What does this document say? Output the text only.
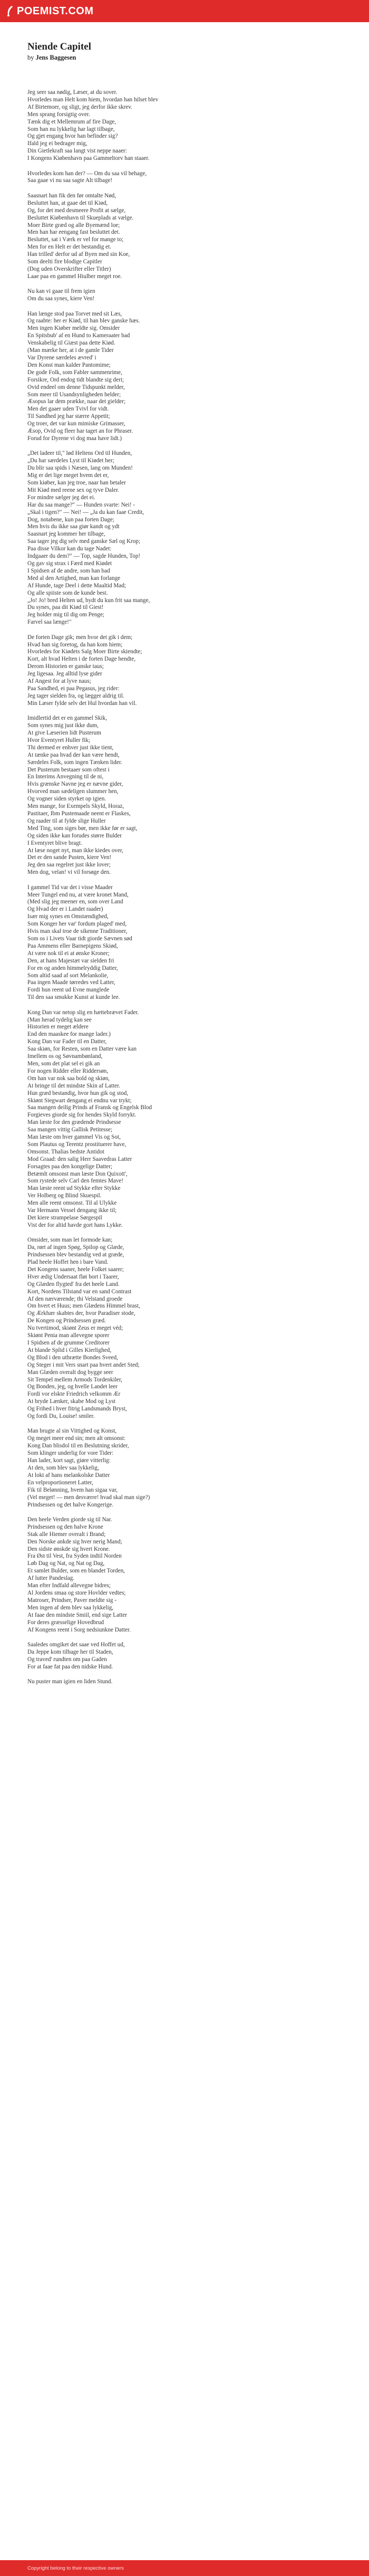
POEMIST.COM
Niende Capitel
by Jens Baggesen
Jeg seer saa nødig, Læser, at du sover.
Hvorledes man Helt kom hiem, hvordan han hilset blev
Af Birtemoer, og sligt, jeg derfor ikke skrev.
Men sprang forsigtig over.
Tænk dig et Mellemrum af fire Dage,
Som han nu lykkelig har lagt tilbage,
Og gjet engang hvor han befinder sig?
Ifald jeg ei bedrager mig,
Din Gietlekraft saa langt vist neppe naaer:
I Kongens Kiøbenhavn paa Gammeltorv han staaer.
Hvorledes kom han der? — Om du saa vil behage,
Saa gaae vi nu saa sagte Alt tilbage!
Saasnart han fik den før omtalte Nød,
Besluttet han, at gaae det til Kiød,
Og, for det med desmeere Profit at sælge,
Besluttet Kiøbenhavn til Skueplads at vælge.
Moer Birte græd og alle Byemænd loe;
Men han har eengang fast besluttet det.
Besluttet, sat i Værk er vel for mange to;
Men for en Helt er det bestandig et.
Han trilled' derfor ud af Byen med sin Koe,
Som deelti fire blodige Capitler
(Dog uden Overskrifter eller Titler)
Laae paa en gammel Hiulber meget roe.
Nu kan vi gaae til frem igien
Om du saa synes, kiere Ven!
Han længe stod paa Torvet med sit Læs,
Og raabte: her er Kiød, til han blev ganske hæs.
Men ingen Kiøber meldte sig. Omsider
En Spitsbub' af en Hund to Kameraater bad
Venskabelig til Giæst paa dette Kiød.
(Man mærke her, at i de gamle Tider
Var Dyrene særdeles ævred' i
Den Konst man kalder Pantomime;
De gode Folk, som Fabler sammenrime,
Forsikre, Ord endog tidt blandte sig deri;
Ovid endeel om denne Tidspunkt melder,
Som meer til Usandsynligheden helder;
Æsopus lar dem prække, naar det gielder;
Men det gaaer uden Tvivl for vidt.
Til Sandhed jeg har stærre Appetit;
Og troer, det var kun mimiske Grimasser,
Æsop, Ovid og fleer har taget an for Phraser.
Forud for Dyrene vi dog maa have lidt.)
„Det ladeer til," lød Heltens Ord til Hunden,
„Du har særdeles Lyst til Kiødet her;
Du blir saa spids i Næsen, lang om Munden!
Mig er det lige meget hvem det er,
Som kiøber, kan jeg troe, naar han betaler
Mit Kiød med reene sex og tyve Daler.
For mindre sælger jeg det ei.
Har du saa mange?" — Hunden svarte: Nei! -
„Skal i tigen?" — Nei! — „Ja du kan faae Credit,
Dog, notabene, kun paa forten Dage;
Men hvis du ikke saa giør kandt og ydt
Saasnart jeg kommer her tilbage,
Saa tager jeg dig selv med ganske Sæl og Krop;
Paa disse Vilkor kan du tage Nadet:
Indgaaer du dem?" — Top, sagde Hunden, Top!
Og gav sig strax i Færd med Kiødet
I Spidsen af de andre, som han bad
Med al den Artighed, man kan forlange
Af Hunde, tage Deel i dette Maaltid Mad;
Og alle spiiste som de kunde best.
„Jo! Jo! bred Helten ud, bydt du kun frit saa mange,
Du synes, paa dit Kiød til Giest!
Jeg holder mig til dig om Penge;
Farvel saa længe!"
De forten Dage gik; men hvor det gik i dem;
Hvad han sig foretog, da han kom hiem;
Hvorledes for Kiødets Salg Moer Birte skiendte;
Kort, alt hvad Helten i de forten Dage hendte,
Derom Historien er ganske taus;
Jeg ligesaa. Jeg alltid lyse gider
Af Angest for at lyve naus;
Paa Sandhed, ei paa Pegasus, jeg rider:
Jeg tager sielden fra, og lægger aldrig til.
Min Læser fylde selv det Hul hvordan han vil.
Imidlertid det er en gammel Skik,
Som synes mig just ikke dum,
At give Læserien lidt Pusterum
Hvor Eventyret Huller fik;
Thi dermed er enhver just ikke tient,
At tænke paa hvad der kan være hendt,
Særdeles Folk, som ingen Tænken lider.
Det Pusterum bestaaer som oftest i
En Interims Anvegning til de ni,
Hvis grænske Navne jeg er nævne gider,
Hvorved man sædeligen slummer hen,
Og vogner siden styrket op igien.
Men mange, for Exempels Skyld, Horaz,
Pastitaer, Ibm Pustemaade neent er Flaskes,
Og raader til at fylde slige Huller
Med Ting, som siges bør, men ikke før er sagt,
Og siden ikke kan forudes større Bulder
I Eventyret blive bragt.
At læse noget nyt, man ikke kiedes over,
Det er den sande Pusten, kiere Ven!
Jeg den saa regelret just ikke lover;
Men dog, velan! vi vil forsøge den.
I gammel Tid var det i visse Maader
Meer Tungel end nu, at være kronet Mand,
(Med slig jeg meener en, som over Land
Og Hvad der er i Landet raader)
Især mig synes en Omstændighed,
Som Konger her var' fordum plaged' med,
Hvis man skal troe de sikenne Traditioner,
Som os i Livets Vaar tidt giorde Sævnen sød
Paa Ammens eller Barnepigens Skiød,
At være nok til ei at ønske Kroner;
Den, at hans Majestæt var sielden fri
For en og anden himmelryddig Datter,
Som altid saad af sort Melankolie,
Paa ingen Maade tørredes ved Latter,
Fordi hun reent ud Evne manglede
Til den saa smukke Kunst at kunde lee.
Kong Dan var netop slig en hættebrævet Fader.
(Man herad tydelig kan see
Historien er meget ældere
End den maaskee for mange lader.)
Kong Dan var Fader til en Datter,
Saa skiøn, for Resten, som en Datter være kan
Imellem os og Søvnambønland,
Men, som det plat sel ei gik an
For nogen Ridder eller Riddersøn,
Om han var nok saa bold og skiøn,
At bringe til det mindste Skin af Latter.
Hun græd bestandig, hvor hun gik og stod,
Skiønt Siegwart dengang ei endnu var trykt;
Saa mangen deilig Prinds af Fransk og Engelsk Blod
Forgieves giorde sig for hendes Skyld forrykt.
Man læste for den grædende Prindsesse
Saa mangen vittig Gallisk Petitesse;
Man læste om hver gammel Vis og Sot,
Som Plautus og Terentz prostituerer have,
Omsonst. Thalias bedste Antidot
Mod Graad: den salig Herr Saavedras Latter
Forsagtes paa den kongelige Datter;
Betæmlt omsonst man læste Don Quixott',
Som rystede selv Carl den femtes Mave!
Man læste reent ud Stykke efter Stykke
Ver Holberg og Blind Skuespil.
Men alle reent omsonst. Til al Ulykke
Var Hermann Vessel dengang ikke til;
Det kiere strampelase Sørgespil
Vist der for altid havde gort hans Lykke.
Omsider, som man let formode kan;
Da, rørt af ingen Spøg, Spilop og Glæde,
Prindsessen blev bestandig ved at græde,
Plad heele Hoffet hen i bare Vand.
Det Kongens saaner, heele Folket saarer;
Hver ædig Undersaat fløi bort i Taarer,
Og Glæden flygted' fra det heele Land.
Kort, Nordens Tilstand var en sand Contrast
Af den nærværende; thi Velstand groede
Om hvert et Huus; men Glædens Himmel brast,
Og Ærkhær skabtes der, hvor Paradiser stode,
De Kongen og Prindsessen græd.
Nu tvertimod, skiønt Zeus er meget véd;
Skiønt Penia man allevegne sporer
I Spidsen af de grumme Creditorer
At blande Splid i Gilles Kierlighed,
Og Blod i den uthrætte Bondes Sveed,
Og Steger i mit Vers snart paa hvert andet Sted;
Man Glæden overalt dog bygge seer
Sit Tempel mellem Armods Tordenkiler,
Og Bonden, jeg, og hvelle Landet leer
Fordi vor elskte Friedrich velkomm Ær
At bryde Lænker, skabe Mod og Lyst
Og Frihed i hver fitrig Landsmands Bryst,
Og fordi Du, Louise! smiler.
Man brugte al sin Vittighed og Konst,
Og meget meer end sin; men alt omsonst:
Kong Dan blisdol til en Beslutning skrider,
Som klinger underlig for vore Tider:
Han lader, kort sagt, giøre vitterlig:
At den, som blev saa lykkelig,
At lokt af hans melankolske Datter
En velproportioneret Latter,
Fik til Belønning, hvem han sigaa var,
(Vel meget! — men desværre! hvad skal man sige?)
Prindsessen og det halve Kongerige.
Den heele Verden giorde sig til Nar.
Prindsessen og den halve Krone
Stak alle Hiemer overalt i Brand;
Den Norske ankde sig hver nerig Mand;
Den sidste ønskde sig hvert Krone.
Fra Øst til Vest, fra Syden indtil Norden
Løb Dag og Nat, og Nat og Dag,
Et samlet Bulder, som en blandet Torden,
Af lutter Pandeslag.
Man efter Indfald allevegne bidres;
Al Jordens smaa og store Hovlder vedtes;
Matroser, Prindser, Paver meldte sig -
Men ingen af dem blev saa lykkelig,
At faae den mindste Smiil, end sige Latter
For deres græsselige Hovedbrud
Af Kongens reent i Sorg nedsiunkne Datter.
Saaledes omgiket det saae ved Hoffet ud,
Da Jeppe kom tilbage her til Staden,
Og traved' rundten om paa Gaden
For at faae fat paa den nidske Hund.
Nu puster man igien en liden Stund.
Copyright belong to their respective owners
